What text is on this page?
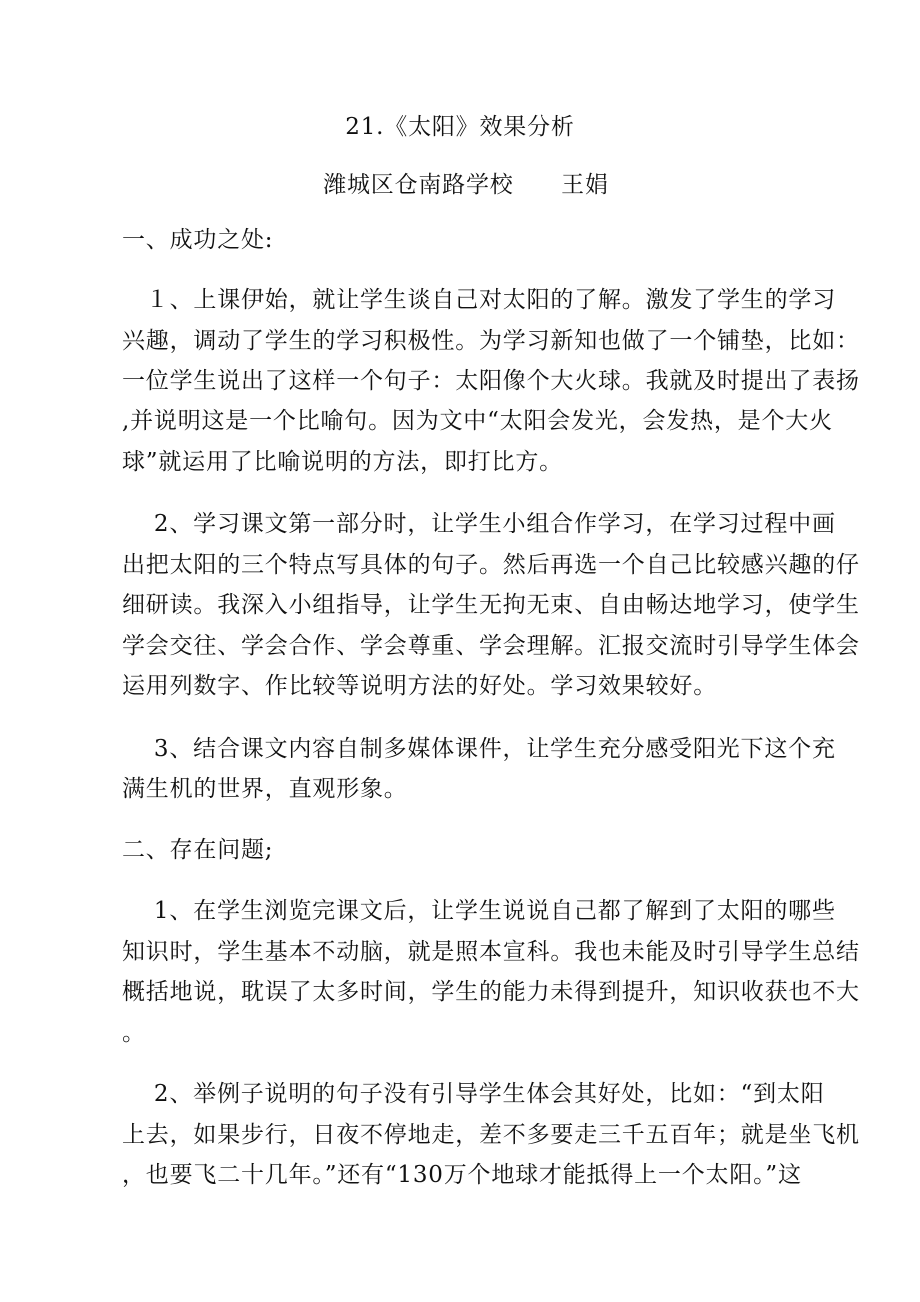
21.《太阳》效果分析
潍城区仓南路学校　　王娟
一、成功之处:
　１、上课伊始，就让学生谈自己对太阳的了解。激发了学生的学习
兴趣，调动了学生的学习积极性。为学习新知也做了一个铺垫，比如：
一位学生说出了这样一个句子：太阳像个大火球。我就及时提出了表扬
,并说明这是一个比喻句。因为文中“太阳会发光，会发热，是个大火
球”就运用了比喻说明的方法，即打比方。
　 2、学习课文第一部分时，让学生小组合作学习，在学习过程中画
出把太阳的三个特点写具体的句子。然后再选一个自己比较感兴趣的仔
细研读。我深入小组指导，让学生无拘无束、自由畅达地学习，使学生
学会交往、学会合作、学会尊重、学会理解。汇报交流时引导学生体会
运用列数字、作比较等说明方法的好处。学习效果较好。
　 3、结合课文内容自制多媒体课件，让学生充分感受阳光下这个充
满生机的世界，直观形象。
二、存在问题;
　 1、在学生浏览完课文后，让学生说说自己都了解到了太阳的哪些
知识时，学生基本不动脑，就是照本宣科。我也未能及时引导学生总结
概括地说，耽误了太多时间，学生的能力未得到提升，知识收获也不大
。
　 2、举例子说明的句子没有引导学生体会其好处，比如：“到太阳
上去，如果步行，日夜不停地走，差不多要走三千五百年；就是坐飞机
，也要飞二十几年。”还有“130万个地球才能抵得上一个太阳。”这
